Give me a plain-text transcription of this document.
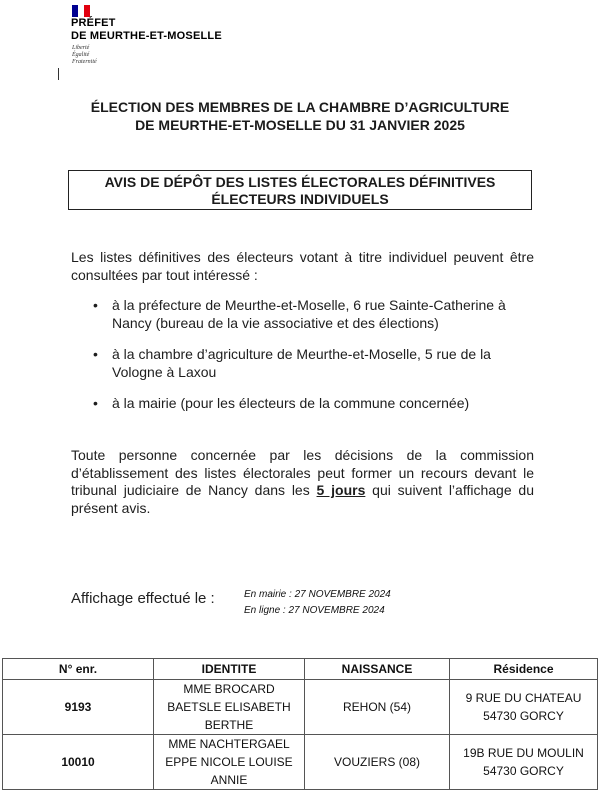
PRÉFET
DE MEURTHE-ET-MOSELLE
Liberté
Égalité
Fraternité
ÉLECTION DES MEMBRES DE LA CHAMBRE D’AGRICULTURE
DE MEURTHE-ET-MOSELLE DU 31 JANVIER 2025
AVIS DE DÉPÔT DES LISTES ÉLECTORALES DÉFINITIVES
ÉLECTEURS INDIVIDUELS
Les listes définitives des électeurs votant à titre individuel peuvent être consultées par tout intéressé :
• à la préfecture de Meurthe-et-Moselle, 6 rue Sainte-Catherine à Nancy (bureau de la vie associative et des élections)
• à la chambre d’agriculture de Meurthe-et-Moselle, 5 rue de la Vologne à Laxou
• à la mairie (pour les électeurs de la commune concernée)
Toute personne concernée par les décisions de la commission d’établissement des listes électorales peut former un recours devant le tribunal judiciaire de Nancy dans les 5 jours qui suivent l’affichage du présent avis.
Affichage effectué le :	En mairie : 27 NOVEMBRE 2024
En ligne : 27 NOVEMBRE 2024
N° enr.	IDENTITE	NAISSANCE	Résidence
9193	MME BROCARD
BAETSLE ELISABETH
BERTHE	REHON (54)	9 RUE DU CHATEAU
54730 GORCY

10010	MME NACHTERGAEL
EPPE NICOLE LOUISE
ANNIE	VOUZIERS (08)	19B RUE DU MOULIN
54730 GORCY
